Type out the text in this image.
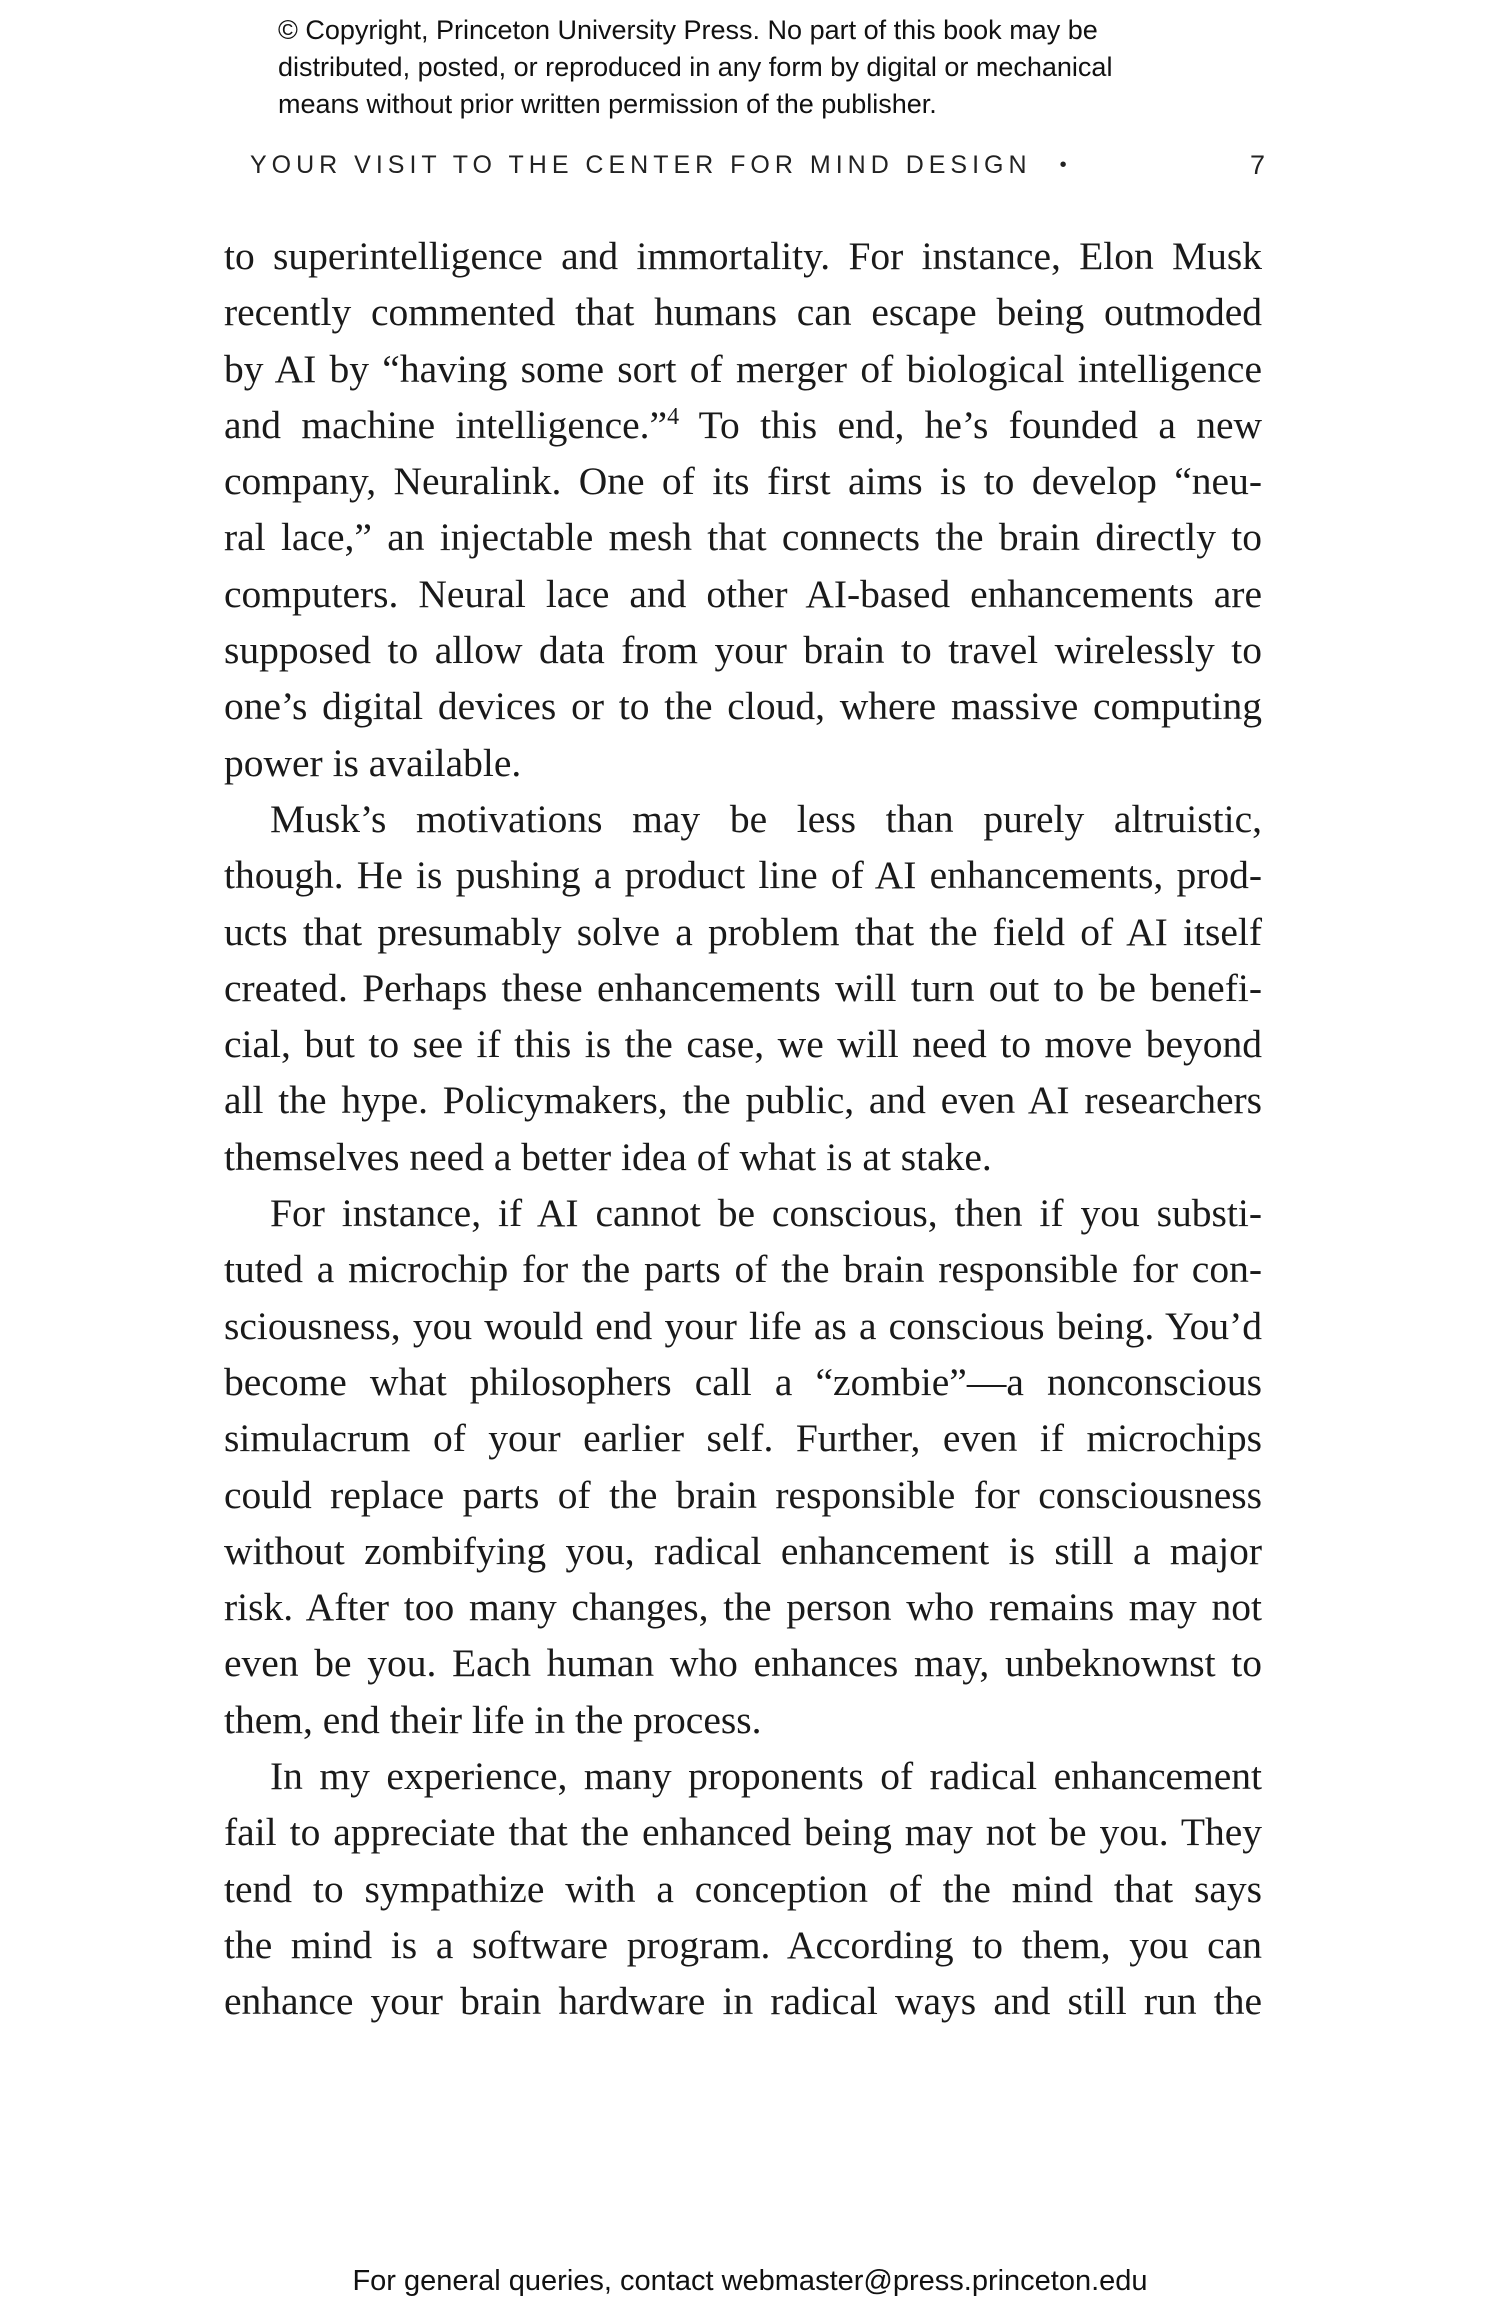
© Copyright, Princeton University Press. No part of this book may be
distributed, posted, or reproduced in any form by digital or mechanical
means without prior written permission of the publisher.
YOUR VISIT TO THE CENTER FOR MIND DESIGN •	7
to superintelligence and immortality. For instance, Elon Musk
recently commented that humans can escape being outmoded
by AI by “having some sort of merger of biological intelligence
and machine intelligence.”$^4$ To this end, he’s founded a new
company, Neuralink. One of its first aims is to develop “neu-
ral lace,” an injectable mesh that connects the brain directly to
computers. Neural lace and other AI-based enhancements are
supposed to allow data from your brain to travel wirelessly to
one’s digital devices or to the cloud, where massive computing
power is available.
Musk’s motivations may be less than purely altruistic,
though. He is pushing a product line of AI enhancements, prod-
ucts that presumably solve a problem that the field of AI itself
created. Perhaps these enhancements will turn out to be benefi-
cial, but to see if this is the case, we will need to move beyond
all the hype. Policymakers, the public, and even AI researchers
themselves need a better idea of what is at stake.
For instance, if AI cannot be conscious, then if you substi-
tuted a microchip for the parts of the brain responsible for con-
sciousness, you would end your life as a conscious being. You’d
become what philosophers call a “zombie”—a nonconscious
simulacrum of your earlier self. Further, even if microchips
could replace parts of the brain responsible for consciousness
without zombifying you, radical enhancement is still a major
risk. After too many changes, the person who remains may not
even be you. Each human who enhances may, unbeknownst to
them, end their life in the process.
In my experience, many proponents of radical enhancement
fail to appreciate that the enhanced being may not be you. They
tend to sympathize with a conception of the mind that says
the mind is a software program. According to them, you can
enhance your brain hardware in radical ways and still run the
For general queries, contact webmaster@press.princeton.edu
